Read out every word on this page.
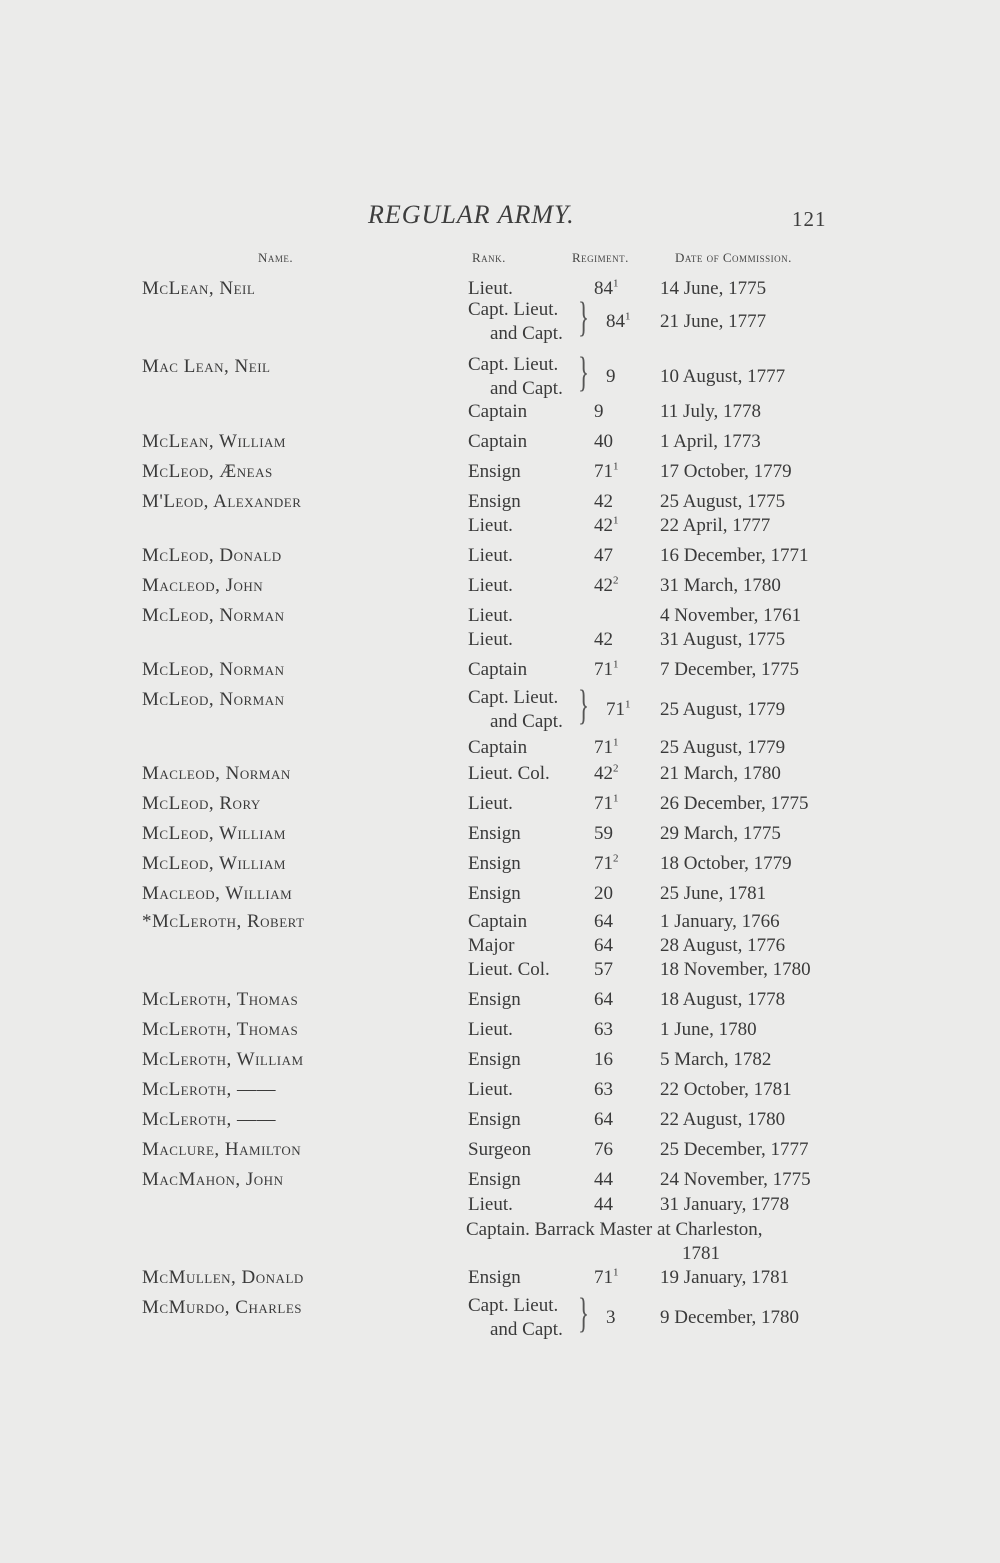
REGULAR ARMY.	121
Name.	Rank.	Regiment.	Date of Commission.
McLean, Neil	Lieut.	$84^1$	14 June, 1775
Capt. Lieut.
and Capt. } $84^1$	21 June, 1777
Mac Lean, Neil	Capt. Lieut.
and Capt. } 9	10 August, 1777
Captain	9	11 July, 1778
McLean, William	Captain	40	1 April, 1773
McLeod, Æneas	Ensign	$71^1$	17 October, 1779
M'Leod, Alexander	Ensign	42	25 August, 1775
Lieut.	$42^1$	22 April, 1777
McLeod, Donald	Lieut.	47	16 December, 1771
Macleod, John	Lieut.	$42^2$	31 March, 1780
McLeod, Norman	Lieut.	4 November, 1761
Lieut.	42	31 August, 1775
McLeod, Norman	Captain	$71^1$	7 December, 1775
McLeod, Norman	Capt. Lieut.
and Capt. } $71^1$	25 August, 1779
Captain	$71^1$	25 August, 1779
Macleod, Norman	Lieut. Col. $42^2$	21 March, 1780
McLeod, Rory	Lieut.	$71^1$	26 December, 1775
McLeod, William	Ensign	59	29 March, 1775
McLeod, William	Ensign	$71^2$	18 October, 1779
Macleod, William	Ensign	20	25 June, 1781
*McLeroth, Robert	Captain	64	1 January, 1766
Major	64	28 August, 1776
Lieut. Col. 57	18 November, 1780
McLeroth, Thomas	Ensign	64	18 August, 1778
McLeroth, Thomas	Lieut.	63	1 June, 1780
McLeroth, William	Ensign	16	5 March, 1782
McLeroth, ——	Lieut.	63	22 October, 1781
McLeroth, ——	Ensign	64	22 August, 1780
Maclure, Hamilton	Surgeon	76	25 December, 1777
MacMahon, John	Ensign	44	24 November, 1775
Lieut.	44	31 January, 1778
Captain. Barrack Master at Charleston,
1781
McMullen, Donald	Ensign	$71^1$	19 January, 1781
McMurdo, Charles	Capt. Lieut.
and Capt. } 3	9 December, 1780
